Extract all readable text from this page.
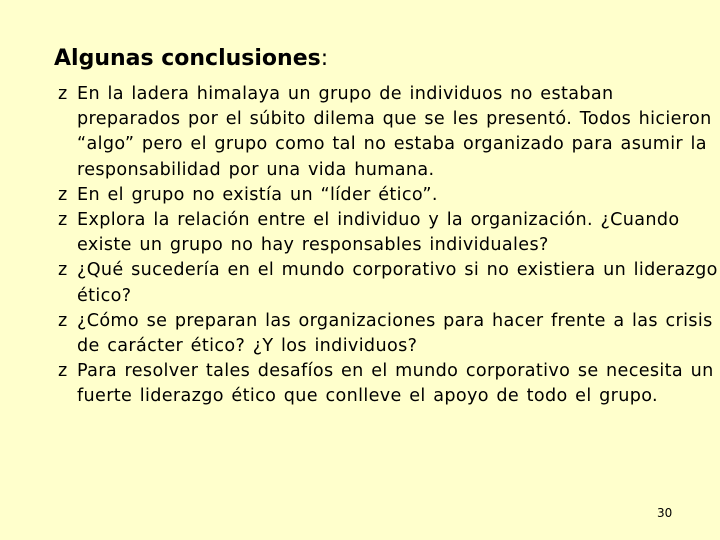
Algunas conclusiones:
z En la ladera himalaya un grupo de individuos no estaban preparados por el súbito dilema que se les presentó. Todos hicieron “algo” pero el grupo como tal no estaba organizado para asumir la responsabilidad por una vida humana.
z En el grupo no existía un “líder ético”.
z Explora la relación entre el individuo y la organización. ¿Cuando existe un grupo no hay responsables individuales?
z ¿Qué sucedería en el mundo corporativo si no existiera un liderazgo ético?
z ¿Cómo se preparan las organizaciones para hacer frente a las crisis de carácter ético? ¿Y los individuos?
z Para resolver tales desafíos en el mundo corporativo se necesita un fuerte liderazgo ético que conlleve el apoyo de todo el grupo.
30
